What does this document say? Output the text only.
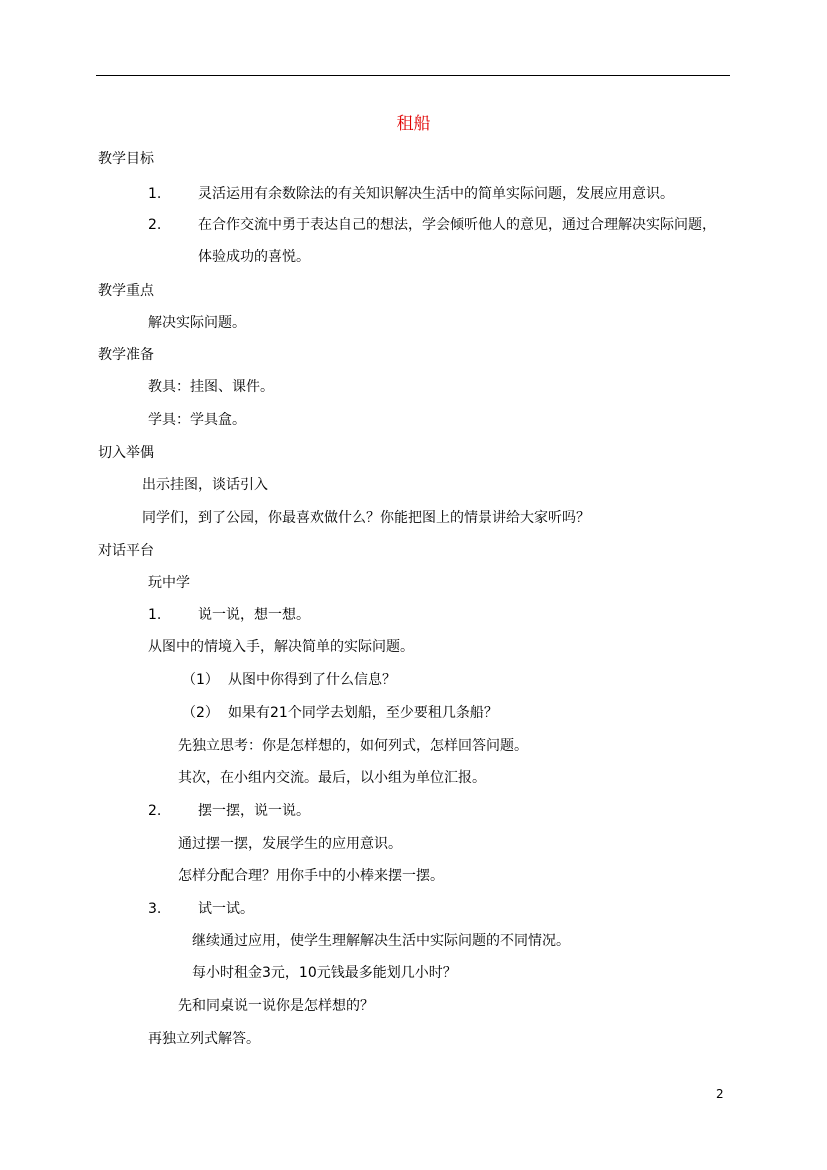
租船
教学目标
1.	灵活运用有余数除法的有关知识解决生活中的简单实际问题，发展应用意识。
2.	在合作交流中勇于表达自己的想法，学会倾听他人的意见，通过合理解决实际问题，
体验成功的喜悦。
教学重点
解决实际问题。
教学准备
教具：挂图、课件。
学具：学具盒。
切入举偶
出示挂图，谈话引入
同学们，到了公园，你最喜欢做什么？你能把图上的情景讲给大家听吗？
对话平台
玩中学
1.	说一说，想一想。
从图中的情境入手，解决简单的实际问题。
（1） 从图中你得到了什么信息？
（2） 如果有21个同学去划船，至少要租几条船？
先独立思考：你是怎样想的，如何列式，怎样回答问题。
其次，在小组内交流。最后，以小组为单位汇报。
2.	摆一摆，说一说。
通过摆一摆，发展学生的应用意识。
怎样分配合理？用你手中的小棒来摆一摆。
3.	试一试。
继续通过应用，使学生理解解决生活中实际问题的不同情况。
每小时租金3元，10元钱最多能划几小时？
先和同桌说一说你是怎样想的？
再独立列式解答。
2
